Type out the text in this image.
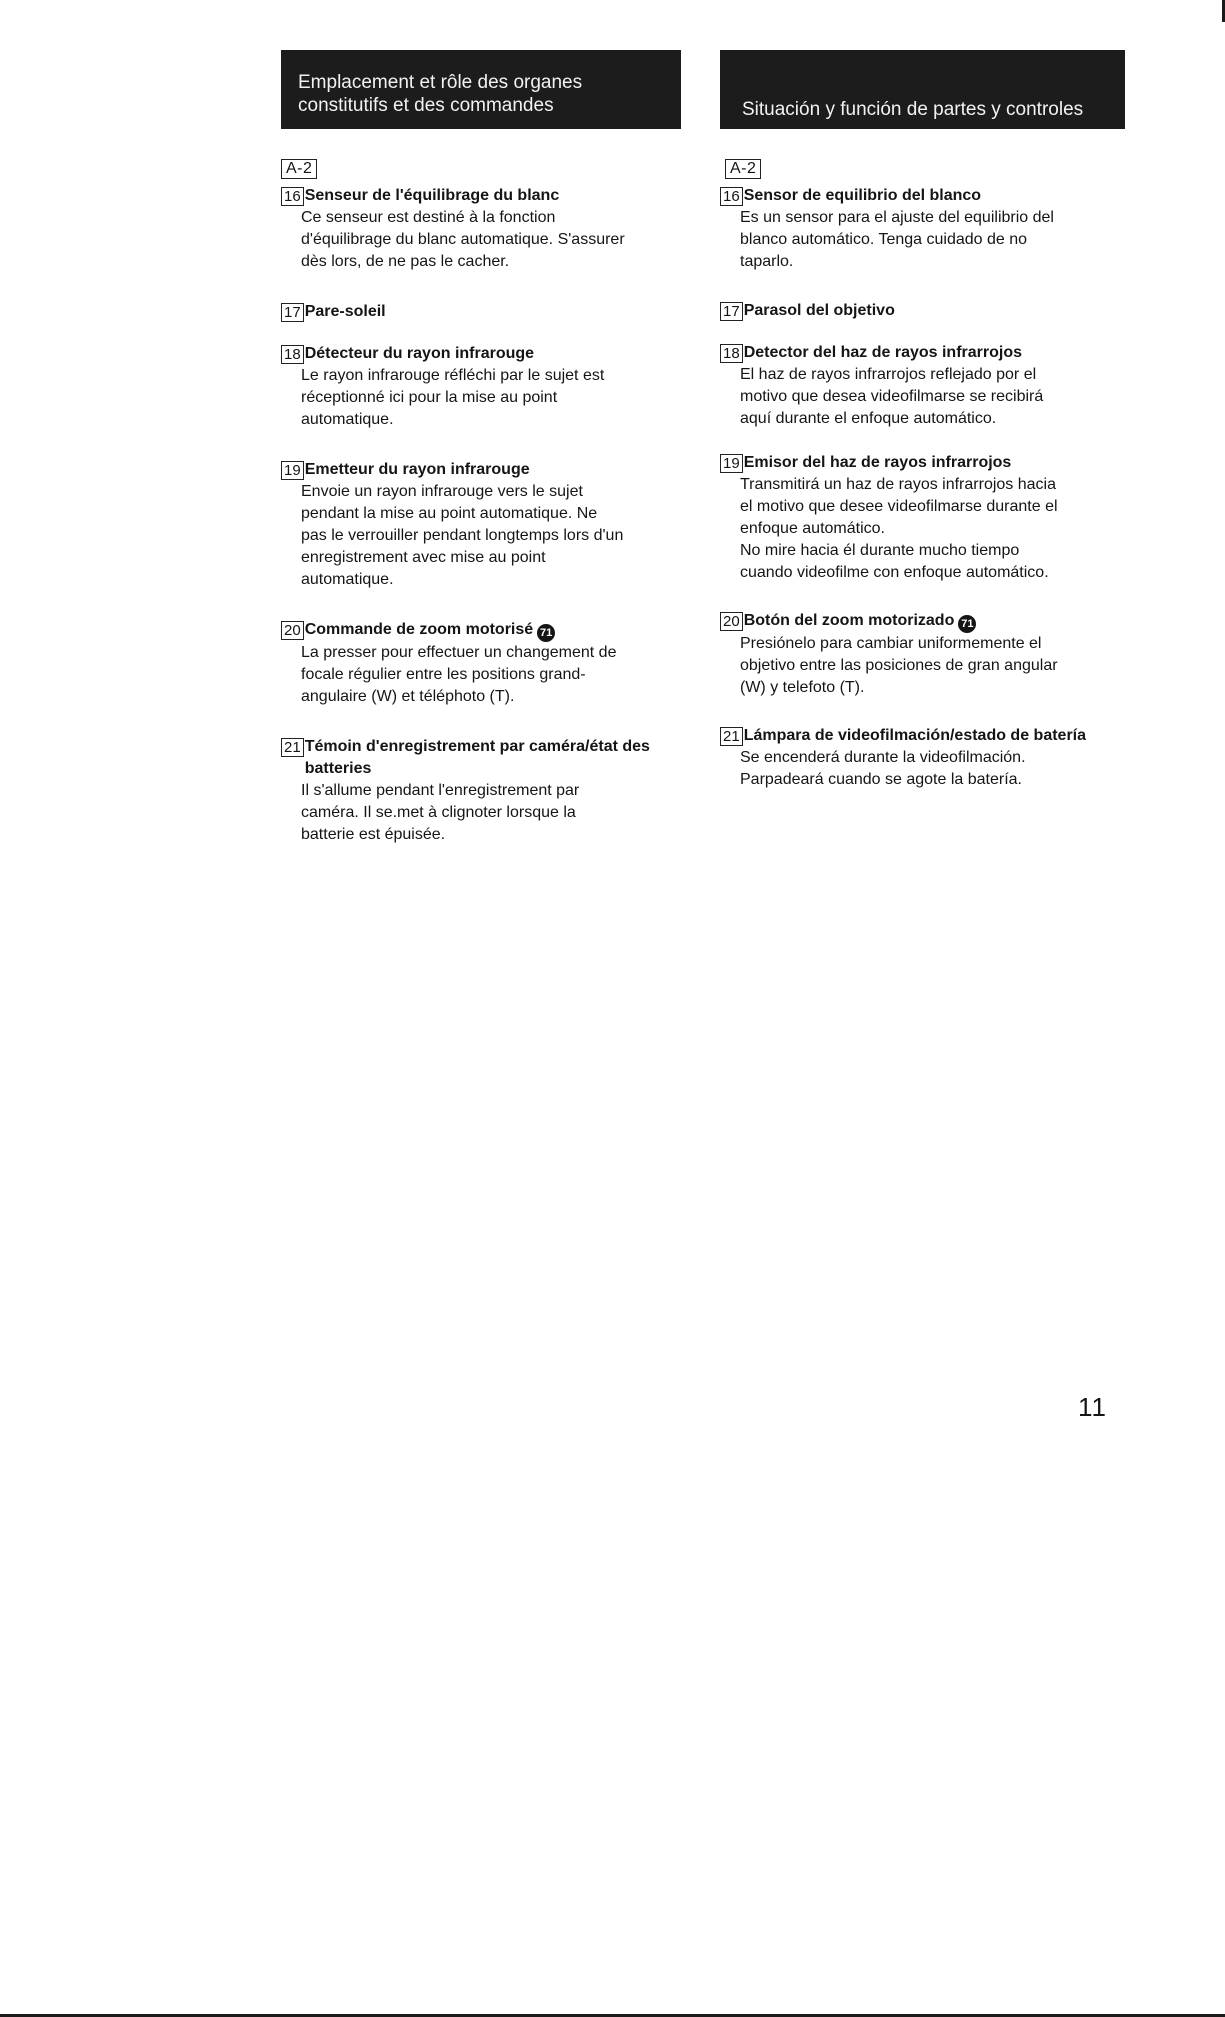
Emplacement et rôle des organes
constitutifs et des commandes
A-2
16 Senseur de l'équilibrage du blanc

Ce senseur est destiné à la fonction

d'équilibrage du blanc automatique. S'assurer

dès lors, de ne pas le cacher.

17 Pare-soleil
18 Détecteur du rayon infrarouge

Le rayon infrarouge réfléchi par le sujet est

réceptionné ici pour la mise au point

automatique.

19 Emetteur du rayon infrarouge

Envoie un rayon infrarouge vers le sujet

pendant la mise au point automatique. Ne

pas le verrouiller pendant longtemps lors d'un

enregistrement avec mise au point

automatique.

20 Commande de zoom motorisé 71

La presser pour effectuer un changement de

focale régulier entre les positions grand-

angulaire (W) et téléphoto (T).

21 Témoin d'enregistrement par caméra/état des batteries

Il s'allume pendant l'enregistrement par

caméra. Il se.met à clignoter lorsque la

batterie est épuisée.

Situación y función de partes y controles
A-2
16 Sensor de equilibrio del blanco

Es un sensor para el ajuste del equilibrio del

blanco automático. Tenga cuidado de no

taparlo.

17 Parasol del objetivo
18 Detector del haz de rayos infrarrojos

El haz de rayos infrarrojos reflejado por el

motivo que desea videofilmarse se recibirá

aquí durante el enfoque automático.

19 Emisor del haz de rayos infrarrojos

Transmitirá un haz de rayos infrarrojos hacia

el motivo que desee videofilmarse durante el

enfoque automático.

No mire hacia él durante mucho tiempo

cuando videofilme con enfoque automático.

20 Botón del zoom motorizado 71

Presiónelo para cambiar uniformemente el

objetivo entre las posiciones de gran angular

(W) y telefoto (T).

21 Lámpara de videofilmación/estado de batería

Se encenderá durante la videofilmación.

Parpadeará cuando se agote la batería.

11
